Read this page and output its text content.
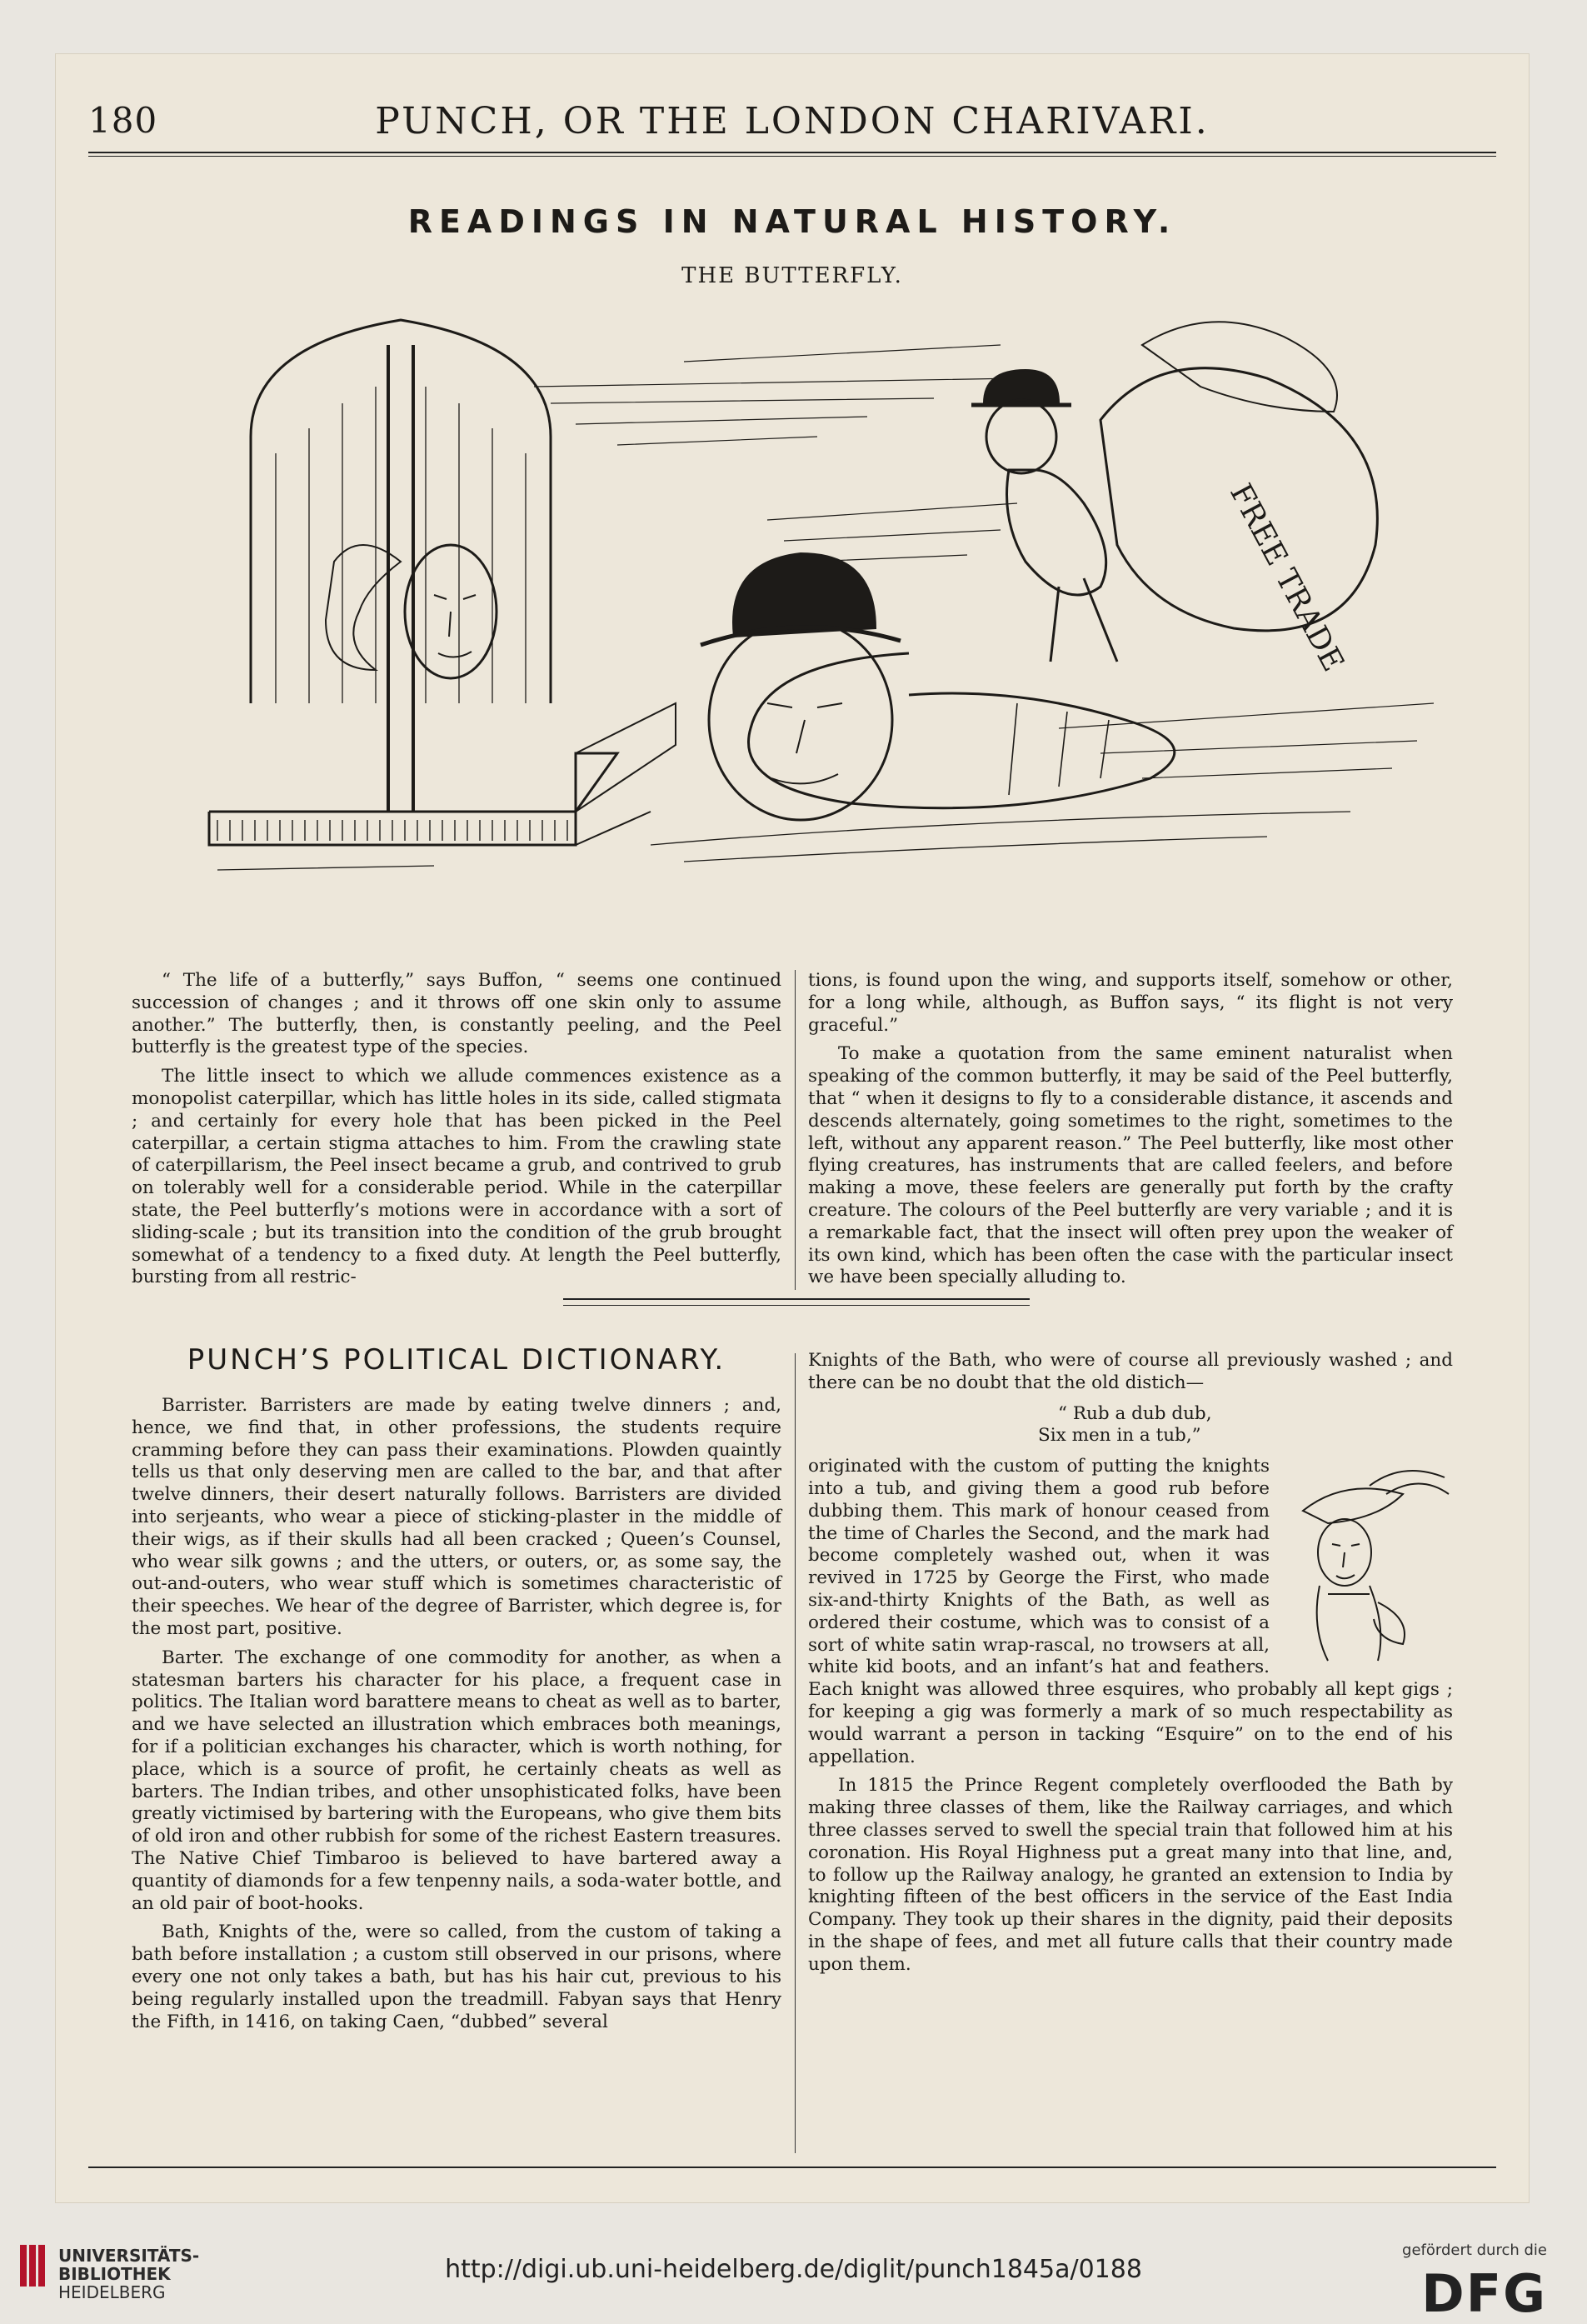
180	PUNCH, OR THE LONDON CHARIVARI.
READINGS IN NATURAL HISTORY.
THE BUTTERFLY.
FREE TRADE

“ The life of a butterfly,” says Buffon, “ seems one continued succession of changes ; and it throws off one skin only to assume another.” The butterfly, then, is constantly peeling, and the Peel butterfly is the greatest type of the species.

The little insect to which we allude commences existence as a monopolist caterpillar, which has little holes in its side, called stigmata ; and certainly for every hole that has been picked in the Peel caterpillar, a certain stigma attaches to him. From the crawling state of caterpillarism, the Peel insect became a grub, and contrived to grub on tolerably well for a considerable period. While in the caterpillar state, the Peel butterfly’s motions were in accordance with a sort of sliding-scale ; but its transition into the condition of the grub brought somewhat of a tendency to a fixed duty. At length the Peel butterfly, bursting from all restric-

tions, is found upon the wing, and supports itself, somehow or other, for a long while, although, as Buffon says, “ its flight is not very graceful.”

To make a quotation from the same eminent naturalist when speaking of the common butterfly, it may be said of the Peel butterfly, that “ when it designs to fly to a considerable distance, it ascends and descends alternately, going sometimes to the right, sometimes to the left, without any apparent reason.” The Peel butterfly, like most other flying creatures, has instruments that are called feelers, and before making a move, these feelers are generally put forth by the crafty creature. The colours of the Peel butterfly are very variable ; and it is a remarkable fact, that the insect will often prey upon the weaker of its own kind, which has been often the case with the particular insect we have been specially alluding to.

PUNCH’S POLITICAL DICTIONARY.

Barrister. Barristers are made by eating twelve dinners ; and, hence, we find that, in other professions, the students require cramming before they can pass their examinations. Plowden quaintly tells us that only deserving men are called to the bar, and that after twelve dinners, their desert naturally follows. Barristers are divided into serjeants, who wear a piece of sticking-plaster in the middle of their wigs, as if their skulls had all been cracked ; Queen’s Counsel, who wear silk gowns ; and the utters, or outers, or, as some say, the out-and-outers, who wear stuff which is sometimes characteristic of their speeches. We hear of the degree of Barrister, which degree is, for the most part, positive.

Barter. The exchange of one commodity for another, as when a statesman barters his character for his place, a frequent case in politics. The Italian word barattere means to cheat as well as to barter, and we have selected an illustration which embraces both meanings, for if a politician exchanges his character, which is worth nothing, for place, which is a source of profit, he certainly cheats as well as barters. The Indian tribes, and other unsophisticated folks, have been greatly victimised by bartering with the Europeans, who give them bits of old iron and other rubbish for some of the richest Eastern treasures. The Native Chief Timbaroo is believed to have bartered away a quantity of diamonds for a few tenpenny nails, a soda-water bottle, and an old pair of boot-hooks.

Bath, Knights of the, were so called, from the custom of taking a bath before installation ; a custom still observed in our prisons, where every one not only takes a bath, but has his hair cut, previous to his being regularly installed upon the treadmill. Fabyan says that Henry the Fifth, in 1416, on taking Caen, “dubbed” several

Knights of the Bath, who were of course all previously washed ; and there can be no doubt that the old distich—

“ Rub a dub dub,
Six men in a tub,”

originated with the custom of putting the knights into a tub, and giving them a good rub before dubbing them. This mark of honour ceased from the time of Charles the Second, and the mark had become completely washed out, when it was revived in 1725 by George the First, who made six-and-thirty Knights of the Bath, as well as ordered their costume, which was to consist of a sort of white satin wrap-rascal, no trowsers at all, white kid boots, and an infant’s hat and feathers. Each knight was allowed three esquires, who probably all kept gigs ; for keeping a gig was formerly a mark of so much respectability as would warrant a person in tacking “Esquire” on to the end of his appellation.

In 1815 the Prince Regent completely overflooded the Bath by making three classes of them, like the Railway carriages, and which three classes served to swell the special train that followed him at his coronation. His Royal Highness put a great many into that line, and, to follow up the Railway analogy, he granted an extension to India by knighting fifteen of the best officers in the service of the East India Company. They took up their shares in the dignity, paid their deposits in the shape of fees, and met all future calls that their country made upon them.

UNIVERSITÄTS-
BIBLIOTHEK
HEIDELBERG
http://digi.ub.uni-heidelberg.de/diglit/punch1845a/0188
gefördert durch die
DFG
